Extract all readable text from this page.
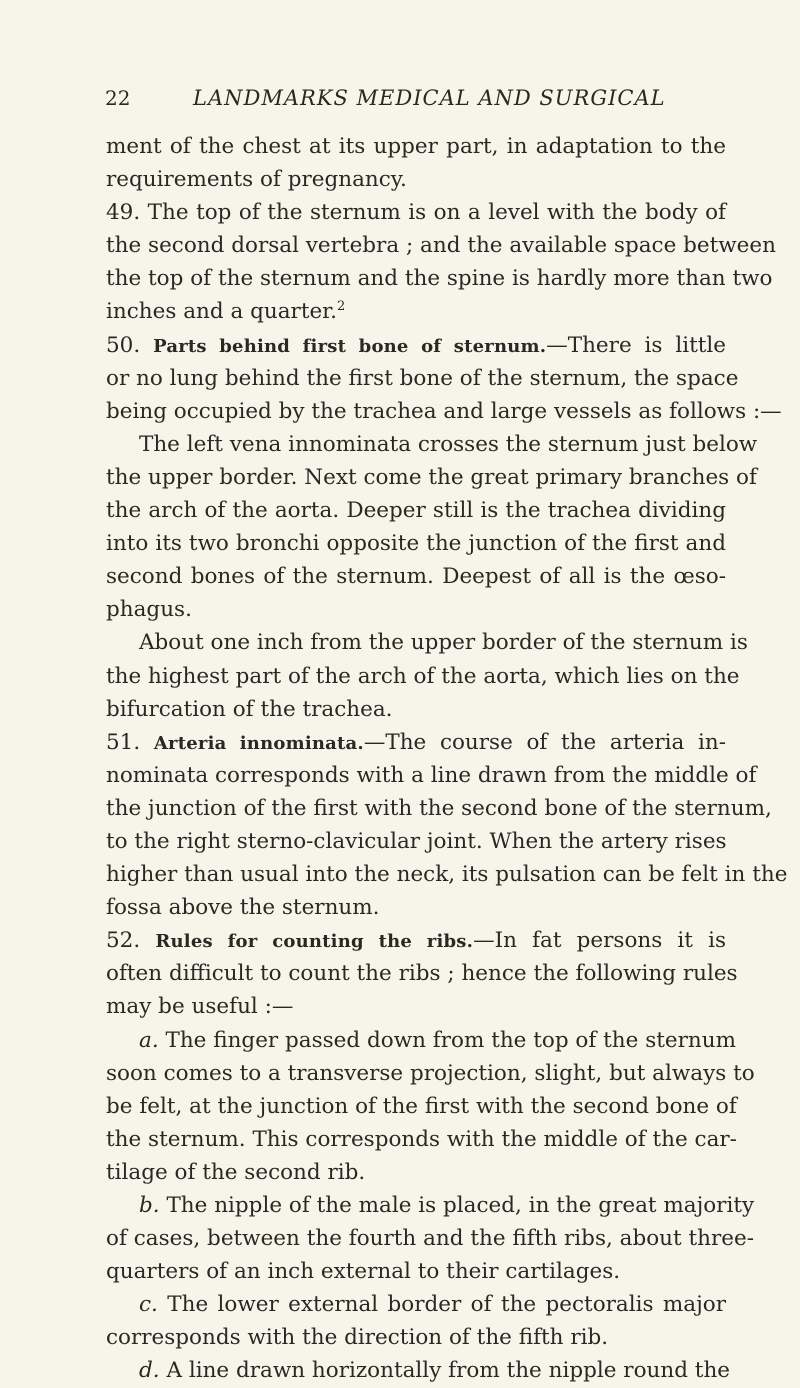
22	LANDMARKS MEDICAL AND SURGICAL
ment of the chest at its upper part, in adaptation to the
requirements of pregnancy.
49. The top of the sternum is on a level with the body of
the second dorsal vertebra ; and the available space between
the top of the sternum and the spine is hardly more than two
inches and a quarter.$^2$
50. Parts behind first bone of sternum.—There is little
or no lung behind the first bone of the sternum, the space
being occupied by the trachea and large vessels as follows :—
The left vena innominata crosses the sternum just below
the upper border. Next come the great primary branches of
the arch of the aorta. Deeper still is the trachea dividing
into its two bronchi opposite the junction of the first and
second bones of the sternum. Deepest of all is the œso-
phagus.
About one inch from the upper border of the sternum is
the highest part of the arch of the aorta, which lies on the
bifurcation of the trachea.
51. Arteria innominata.—The course of the arteria in-
nominata corresponds with a line drawn from the middle of
the junction of the first with the second bone of the sternum,
to the right sterno-clavicular joint. When the artery rises
higher than usual into the neck, its pulsation can be felt in the
fossa above the sternum.
52. Rules for counting the ribs.—In fat persons it is
often difficult to count the ribs ; hence the following rules
may be useful :—
a. The finger passed down from the top of the sternum
soon comes to a transverse projection, slight, but always to
be felt, at the junction of the first with the second bone of
the sternum. This corresponds with the middle of the car-
tilage of the second rib.
b. The nipple of the male is placed, in the great majority
of cases, between the fourth and the fifth ribs, about three-
quarters of an inch external to their cartilages.
c. The lower external border of the pectoralis major
corresponds with the direction of the fifth rib.
d. A line drawn horizontally from the nipple round the
